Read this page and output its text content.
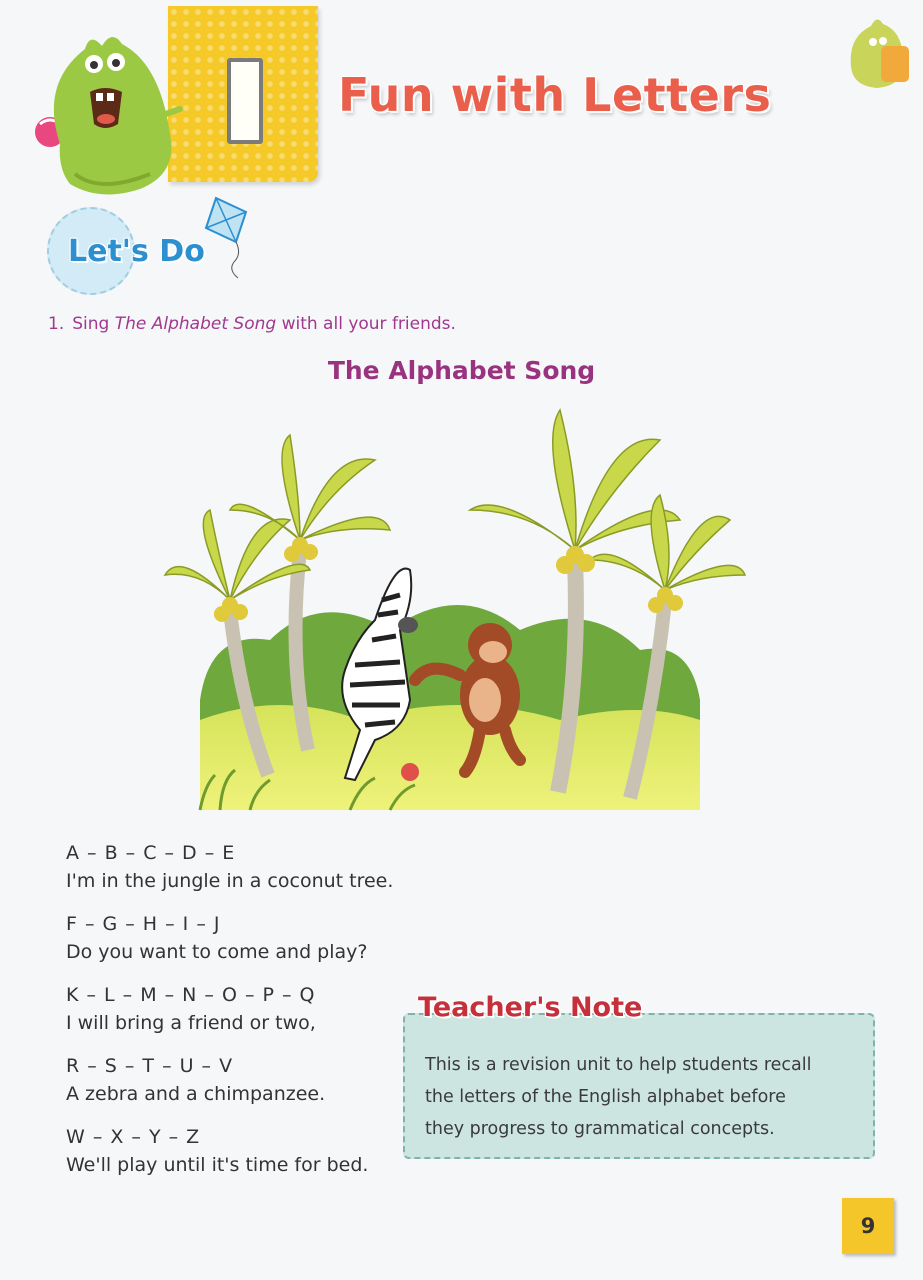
Fun with Letters
Let's Do
1. Sing The Alphabet Song with all your friends.
The Alphabet Song
A – B – C – D – E
I'm in the jungle in a coconut tree.
F – G – H – I – J
Do you want to come and play?
K – L – M – N – O – P – Q
I will bring a friend or two,
R – S – T – U – V
A zebra and a chimpanzee.
W – X – Y – Z
We'll play until it's time for bed.

This is a revision unit to help students recall
the letters of the English alphabet before
they progress to grammatical concepts.

Teacher's Note
9
